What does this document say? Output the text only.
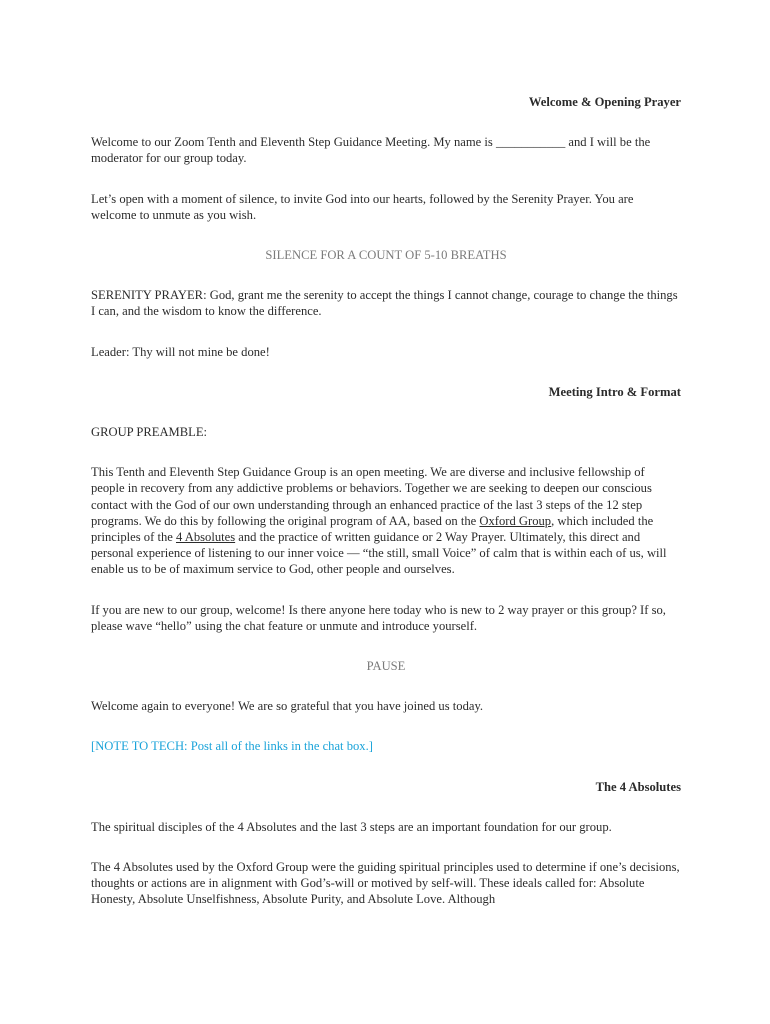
Welcome & Opening Prayer

Welcome to our Zoom Tenth and Eleventh Step Guidance Meeting. My name is ___________ and I will be the moderator for our group today.

Let’s open with a moment of silence, to invite God into our hearts, followed by the Serenity Prayer. You are welcome to unmute as you wish.

SILENCE FOR A COUNT OF 5-10 BREATHS

SERENITY PRAYER: God, grant me the serenity to accept the things I cannot change, courage to change the things I can, and the wisdom to know the difference.

Leader: Thy will not mine be done!

Meeting Intro & Format

GROUP PREAMBLE:

This Tenth and Eleventh Step Guidance Group is an open meeting. We are diverse and inclusive fellowship of people in recovery from any addictive problems or behaviors. Together we are seeking to deepen our conscious contact with the God of our own understanding through an enhanced practice of the last 3 steps of the 12 step programs. We do this by following the original program of AA, based on the Oxford Group, which included the principles of the 4 Absolutes and the practice of written guidance or 2 Way Prayer. Ultimately, this direct and personal experience of listening to our inner voice — “the still, small Voice” of calm that is within each of us, will enable us to be of maximum service to God, other people and ourselves.

If you are new to our group, welcome! Is there anyone here today who is new to 2 way prayer or this group? If so, please wave “hello” using the chat feature or unmute and introduce yourself.

PAUSE

Welcome again to everyone! We are so grateful that you have joined us today.

[NOTE TO TECH: Post all of the links in the chat box.]

The 4 Absolutes

The spiritual disciples of the 4 Absolutes and the last 3 steps are an important foundation for our group.

The 4 Absolutes used by the Oxford Group were the guiding spiritual principles used to determine if one’s decisions, thoughts or actions are in alignment with God’s-will or motived by self-will. These ideals called for: Absolute Honesty, Absolute Unselfishness, Absolute Purity, and Absolute Love. Although
